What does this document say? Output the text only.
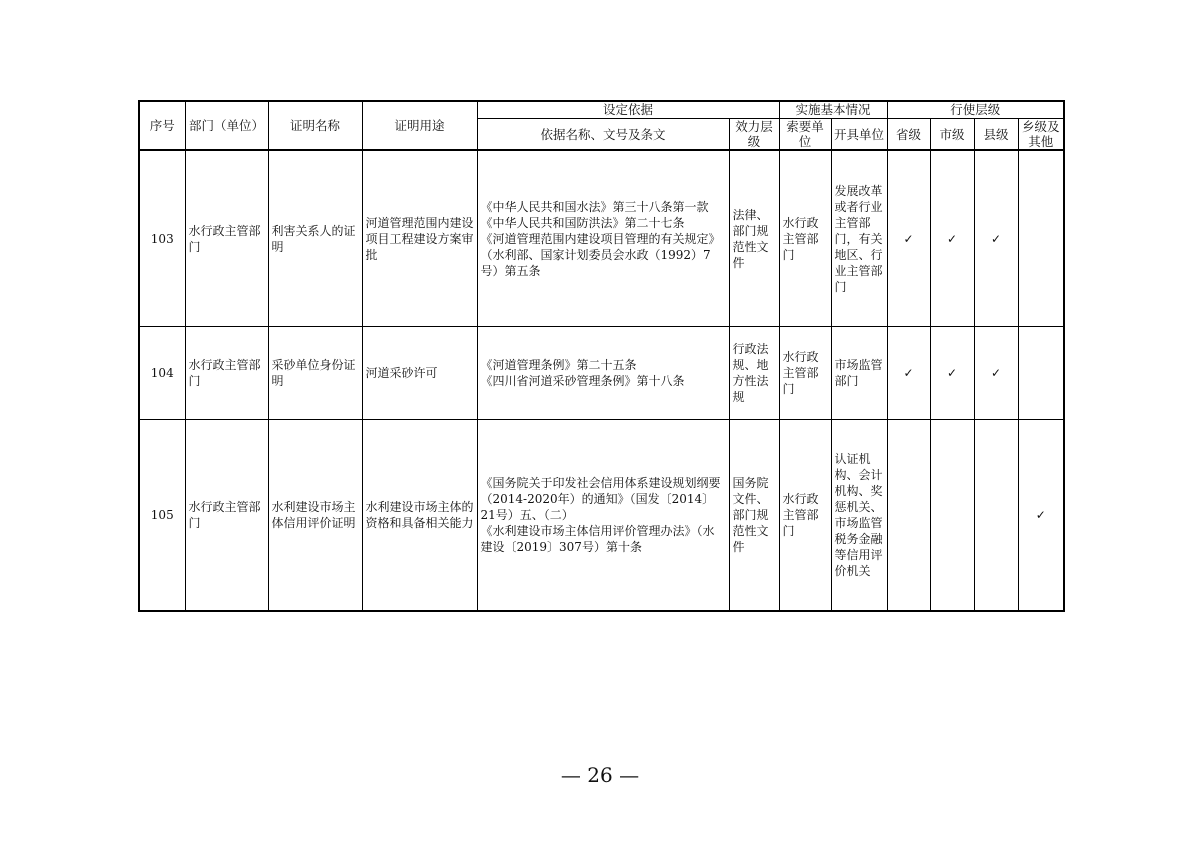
序号	部门（单位）	证明名称	证明用途	设定依据		实施基本情况		行使层级			
				依据名称、文号及条文	效力层级	索要单位	开具单位	省级	市级	县级	乡级及其他
103	水行政主管部门	利害关系人的证明	河道管理范围内建设项目工程建设方案审批	《中华人民共和国水法》第三十八条第一款
《中华人民共和国防洪法》第二十七条
《河道管理范围内建设项目管理的有关规定》（水利部、国家计划委员会水政（1992）7号）第五条	法律、部门规范性文件	水行政主管部门	发展改革或者行业主管部门，有关地区、行业主管部门	✓	✓	✓	
104	水行政主管部门	采砂单位身份证明	河道采砂许可	《河道管理条例》第二十五条
《四川省河道采砂管理条例》第十八条	行政法规、地方性法规	水行政主管部门	市场监管部门	✓	✓	✓	
105	水行政主管部门	水利建设市场主体信用评价证明	水利建设市场主体的资格和具备相关能力	《国务院关于印发社会信用体系建设规划纲要（2014-2020年）的通知》（国发〔2014〕21号）五、（二）
《水利建设市场主体信用评价管理办法》（水建设〔2019〕307号）第十条	国务院文件、部门规范性文件	水行政主管部门	认证机构、会计机构、奖惩机关、市场监管税务金融等信用评价机关				✓
— 26 —
